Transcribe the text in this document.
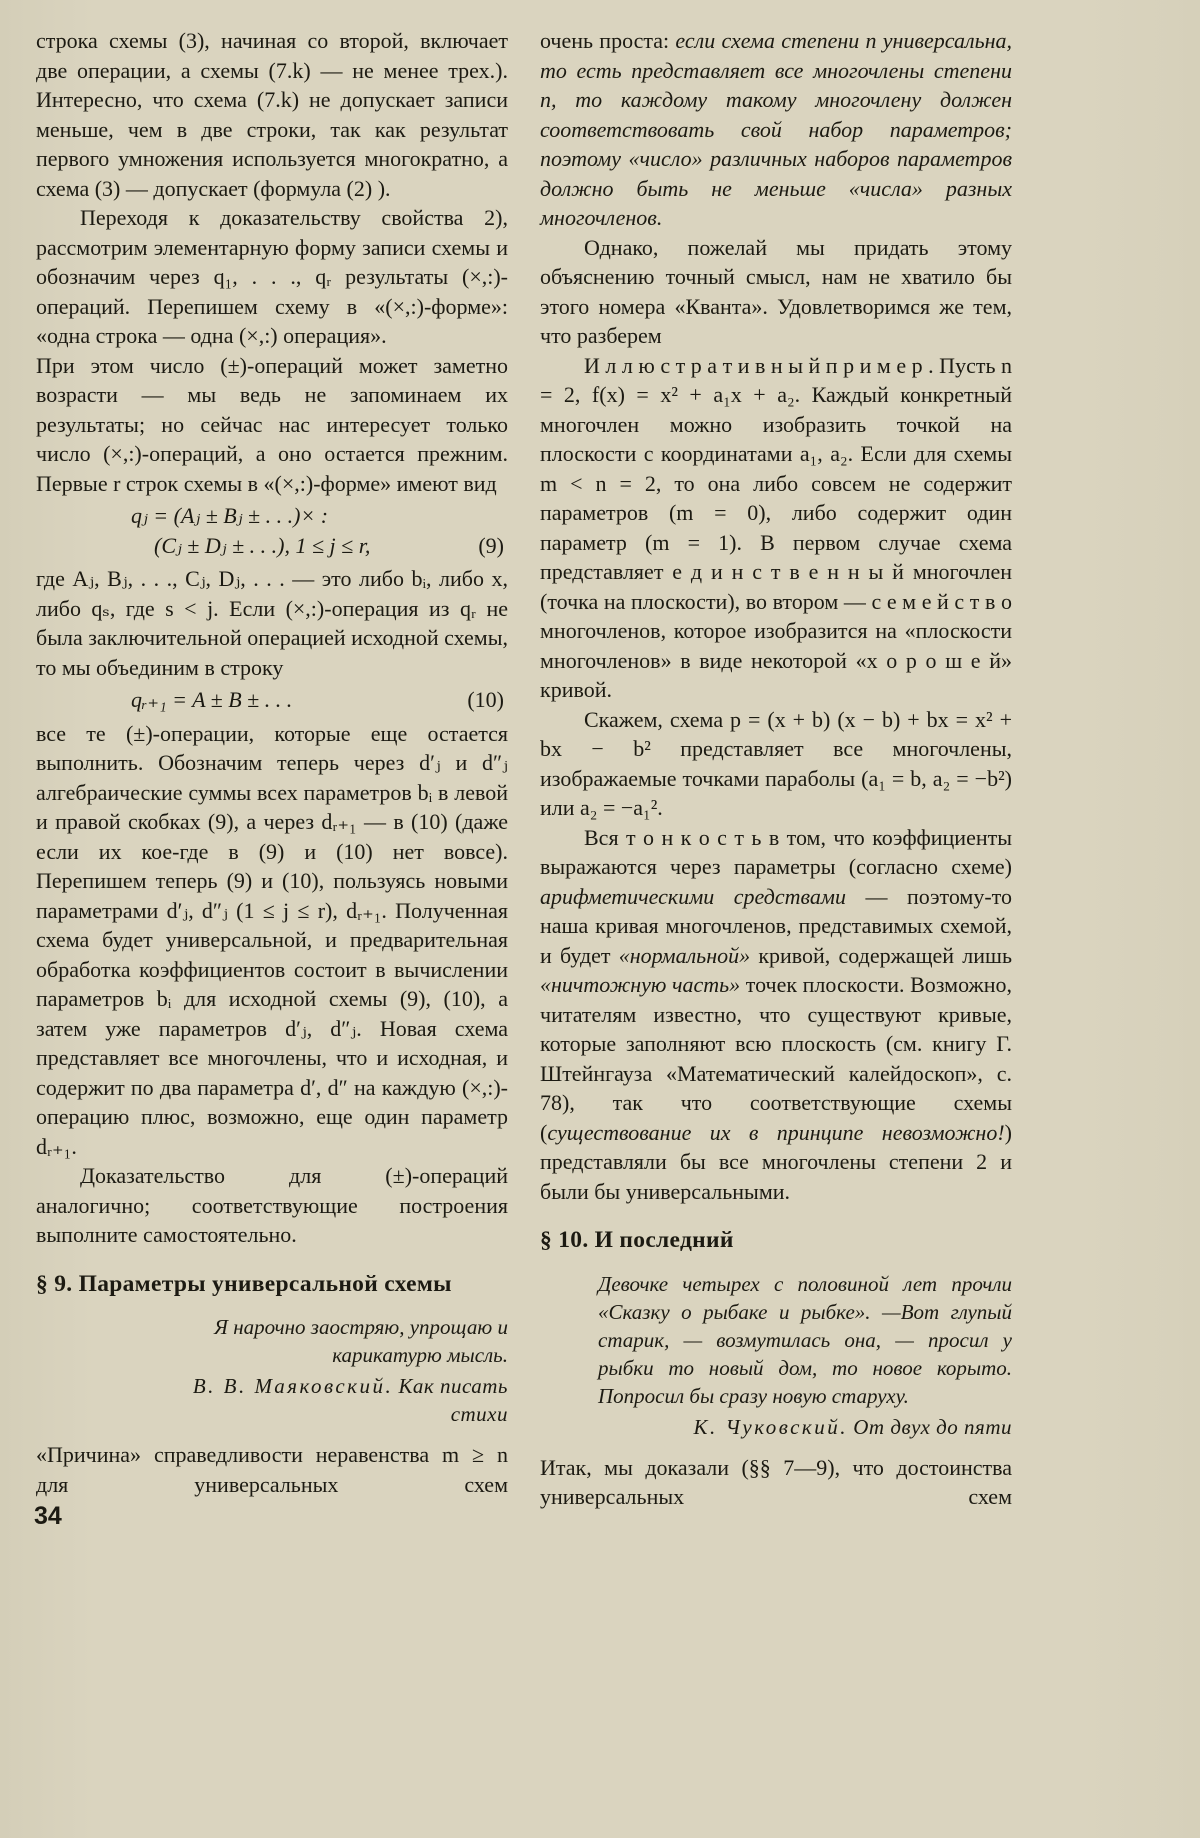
строка схемы (3), начиная со второй, включает две операции, а схемы (7.k) — не менее трех.). Интересно, что схема (7.k) не допускает записи меньше, чем в две строки, так как результат первого умножения используется многократно, а схема (3) — допускает (формула (2) ).

Переходя к доказательству свойства 2), рассмотрим элементарную форму записи схемы и обозначим через q₁, . . ., qᵣ результаты (×,:)-операций. Перепишем схему в «(×,:)-форме»: «одна строка — одна (×,:) операция».

При этом число (±)-операций может заметно возрасти — мы ведь не запоминаем их результаты; но сейчас нас интересует только число (×,:)-операций, а оно остается прежним. Первые r строк схемы в «(×,:)-форме» имеют вид

qⱼ = (Aⱼ ± Bⱼ ± . . .)× :
(Cⱼ ± Dⱼ ± . . .), 1 ≤ j ≤ r,	(9)

где Aⱼ, Bⱼ, . . ., Cⱼ, Dⱼ, . . . — это либо bᵢ, либо x, либо qₛ, где s < j. Если (×,:)-операция из qᵣ не была заключительной операцией исходной схемы, то мы объединим в строку

qᵣ₊₁ = A ± B ± . . .	(10)

все те (±)-операции, которые еще остается выполнить. Обозначим теперь через d′ⱼ и d″ⱼ алгебраические суммы всех параметров bᵢ в левой и правой скобках (9), а через dᵣ₊₁ — в (10) (даже если их кое-где в (9) и (10) нет вовсе). Перепишем теперь (9) и (10), пользуясь новыми параметрами d′ⱼ, d″ⱼ (1 ≤ j ≤ r), dᵣ₊₁. Полученная схема будет универсальной, и предварительная обработка коэффициентов состоит в вычислении параметров bᵢ для исходной схемы (9), (10), а затем уже параметров d′ⱼ, d″ⱼ. Новая схема представляет все многочлены, что и исходная, и содержит по два параметра d′, d″ на каждую (×,:)-операцию плюс, возможно, еще один параметр dᵣ₊₁.

Доказательство для (±)-операций аналогично; соответствующие построения выполните самостоятельно.

§ 9. Параметры универсальной схемы
Я нарочно заостряю, упрощаю и карикатурю мысль.
В. В. Маяковский. Как писать стихи

«Причина» справедливости неравенства m ≥ n для универсальных схем

очень проста: если схема степени n универсальна, то есть представляет все многочлены степени n, то каждому такому многочлену должен соответствовать свой набор параметров; поэтому «число» различных наборов параметров должно быть не меньше «числа» разных многочленов.

Однако, пожелай мы придать этому объяснению точный смысл, нам не хватило бы этого номера «Кванта». Удовлетворимся же тем, что разберем

И л л ю с т р а т и в н ы й п р и м е р . Пусть n = 2, f(x) = x² + a₁x + a₂. Каждый конкретный многочлен можно изобразить точкой на плоскости с координатами a₁, a₂. Если для схемы m < n = 2, то она либо совсем не содержит параметров (m = 0), либо содержит один параметр (m = 1). В первом случае схема представляет е д и н с т в е н н ы й многочлен (точка на плоскости), во втором — с е м е й с т в о многочленов, которое изобразится на «плоскости многочленов» в виде некоторой «х о р о ш е й» кривой.

Скажем, схема p = (x + b) (x − b) + bx = x² + bx − b² представляет все многочлены, изображаемые точками параболы (a₁ = b, a₂ = −b²) или a₂ = −a₁².

Вся т о н к о с т ь в том, что коэффициенты выражаются через параметры (согласно схеме) арифметическими средствами — поэтому-то наша кривая многочленов, представимых схемой, и будет «нормальной» кривой, содержащей лишь «ничтожную часть» точек плоскости. Возможно, читателям известно, что существуют кривые, которые заполняют всю плоскость (см. книгу Г. Штейнгауза «Математический калейдоскоп», с. 78), так что соответствующие схемы (существование их в принципе невозможно!) представляли бы все многочлены степени 2 и были бы универсальными.

§ 10. И последний
Девочке четырех с половиной лет прочли «Сказку о рыбаке и рыбке». —Вот глупый старик, — возмутилась она, — просил у рыбки то новый дом, то новое корыто. Попросил бы сразу новую старуху.
К. Чуковский. От двух до пяти

Итак, мы доказали (§§ 7—9), что достоинства универсальных схем

34
